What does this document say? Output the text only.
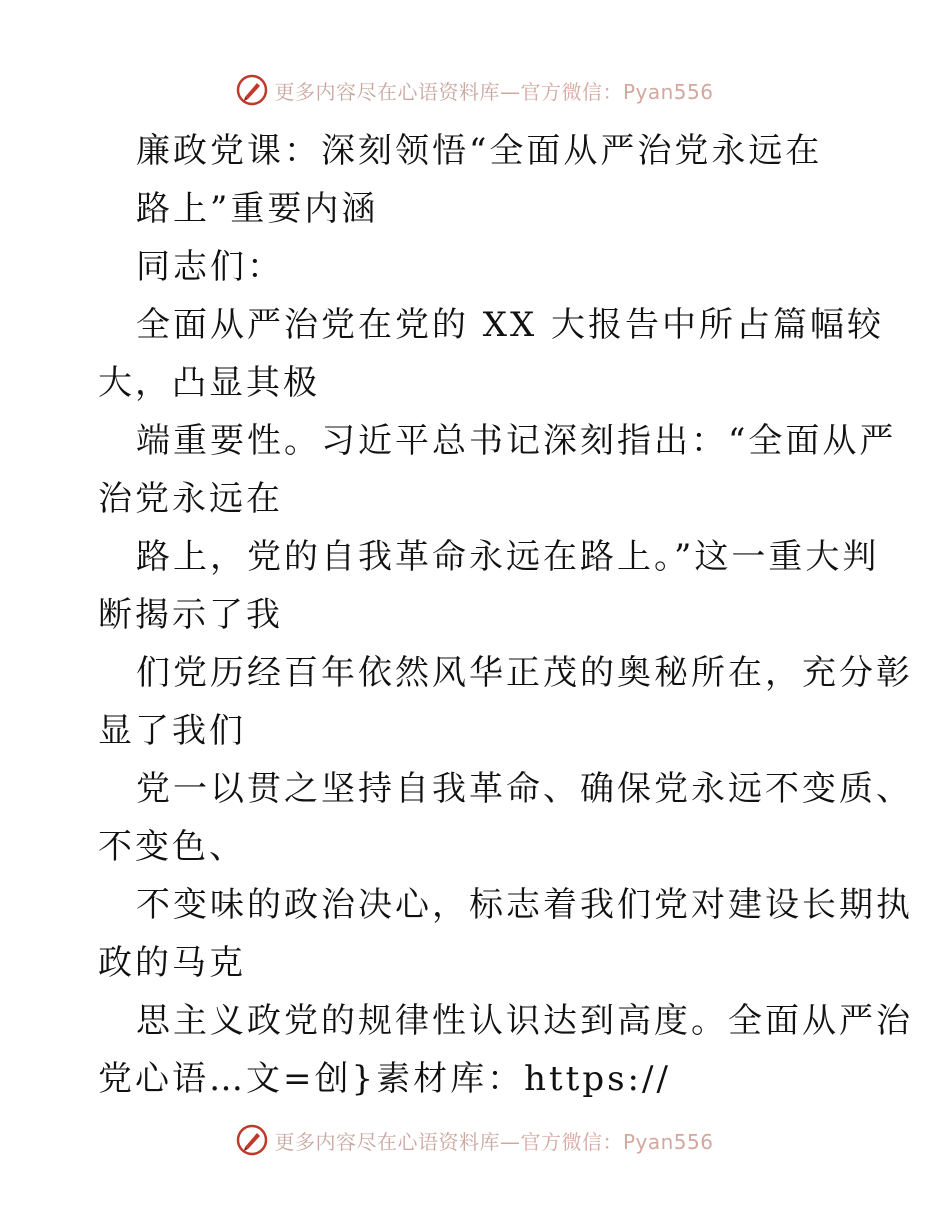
更多内容尽在心语资料库 —官方微信：Pyan556
廉政党课：深刻领悟“全面从严治党永远在
路上”重要内涵
同志们：
全面从严治党在党的 XX 大报告中所占篇幅较
大，凸显其极
端重要性。习近平总书记深刻指出：“全面从严
治党永远在
路上，党的自我革命永远在路上。”这一重大判
断揭示了我
们党历经百年依然风华正茂的奥秘所在，充分彰
显了我们
党一以贯之坚持自我革命、确保党永远不变质、
不变色、
不变味的政治决心，标志着我们党对建设长期执
政的马克
思主义政党的规律性认识达到高度。全面从严治
党心语…文=创}素材库：https://
更多内容尽在心语资料库 —官方微信：Pyan556
